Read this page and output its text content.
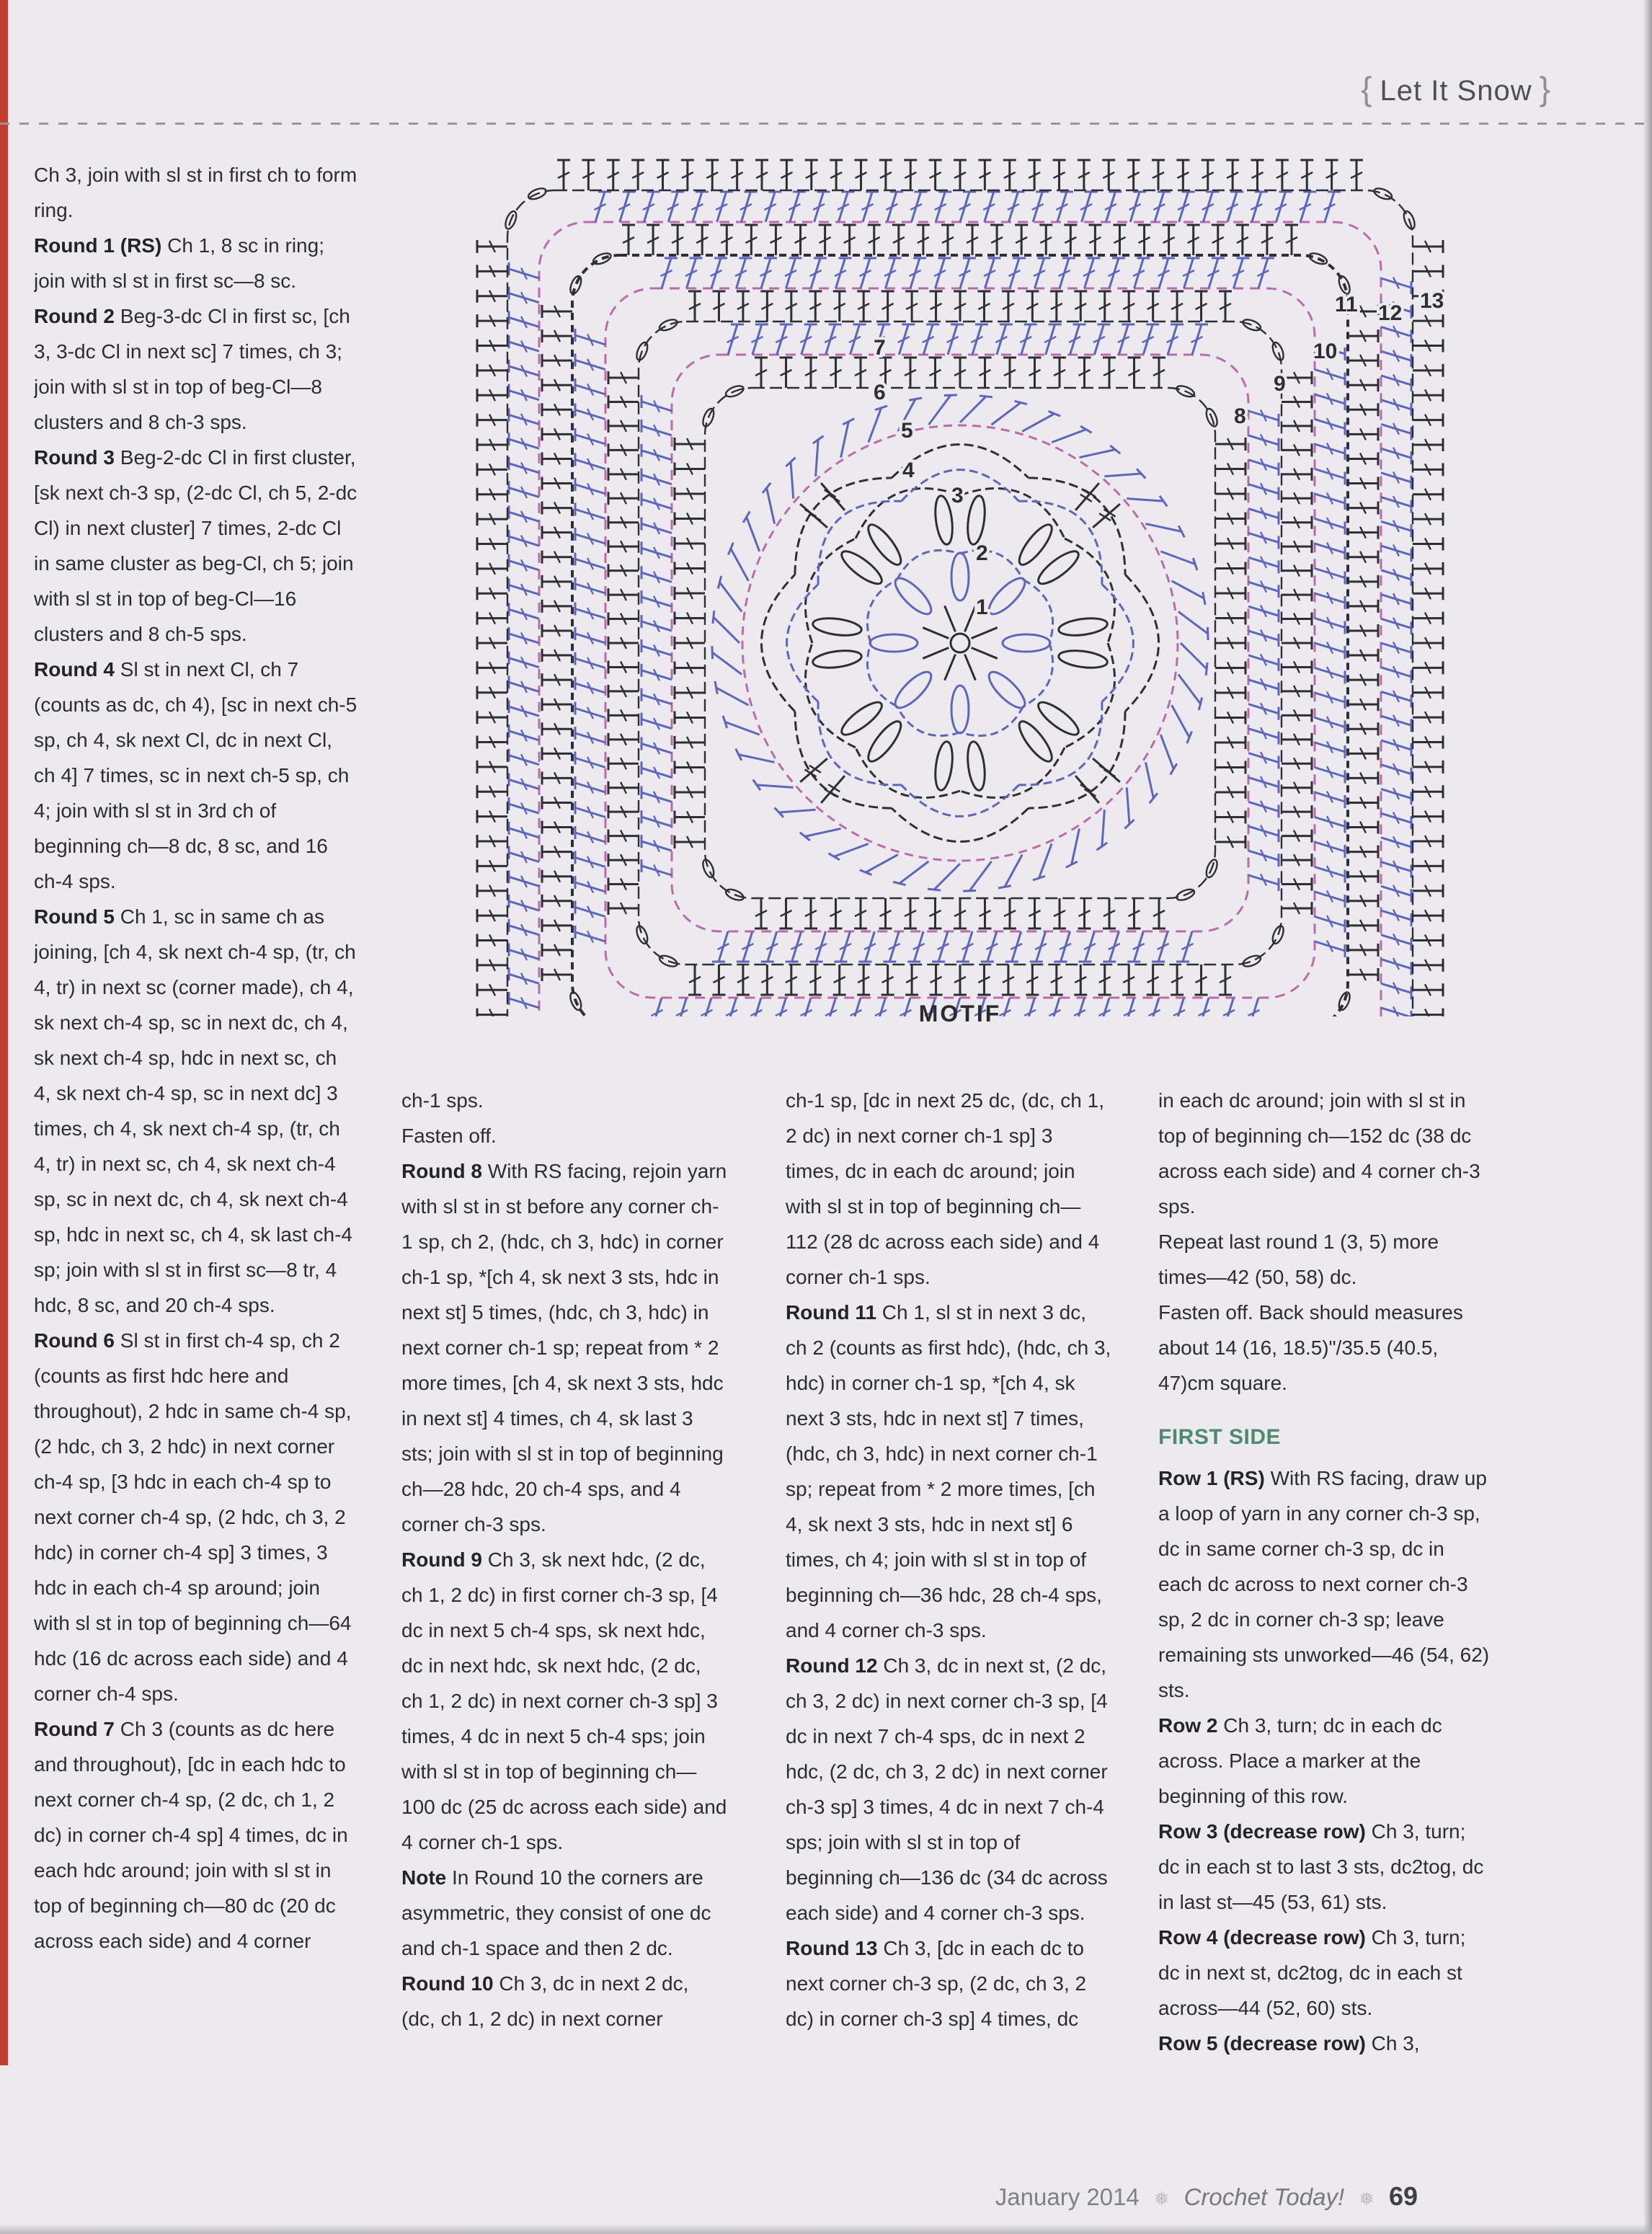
{ Let It Snow }
1
2
3
4
5
6
7
8
9
10
11 12
13
MOTIF

Ch 3, join with sl st in first ch to form ring.

Round 1 (RS) Ch 1, 8 sc in ring; join with sl st in first sc—8 sc.

Round 2 Beg-3-dc Cl in first sc, [ch 3, 3-dc Cl in next sc] 7 times, ch 3; join with sl st in top of beg-Cl—8 clusters and 8 ch-3 sps.

Round 3 Beg-2-dc Cl in first cluster, [sk next ch-3 sp, (2-dc Cl, ch 5, 2-dc Cl) in next cluster] 7 times, 2-dc Cl in same cluster as beg-Cl, ch 5; join with sl st in top of beg-Cl—16 clusters and 8 ch-5 sps.

Round 4 Sl st in next Cl, ch 7 (counts as dc, ch 4), [sc in next ch-5 sp, ch 4, sk next Cl, dc in next Cl, ch 4] 7 times, sc in next ch-5 sp, ch 4; join with sl st in 3rd ch of beginning ch—8 dc, 8 sc, and 16 ch-4 sps.

Round 5 Ch 1, sc in same ch as joining, [ch 4, sk next ch-4 sp, (tr, ch 4, tr) in next sc (corner made), ch 4, sk next ch-4 sp, sc in next dc, ch 4, sk next ch-4 sp, hdc in next sc, ch 4, sk next ch-4 sp, sc in next dc] 3 times, ch 4, sk next ch-4 sp, (tr, ch 4, tr) in next sc, ch 4, sk next ch-4 sp, sc in next dc, ch 4, sk next ch-4 sp, hdc in next sc, ch 4, sk last ch-4 sp; join with sl st in first sc—8 tr, 4 hdc, 8 sc, and 20 ch-4 sps.

Round 6 Sl st in first ch-4 sp, ch 2 (counts as first hdc here and throughout), 2 hdc in same ch-4 sp, (2 hdc, ch 3, 2 hdc) in next corner ch-4 sp, [3 hdc in each ch-4 sp to next corner ch-4 sp, (2 hdc, ch 3, 2 hdc) in corner ch-4 sp] 3 times, 3 hdc in each ch-4 sp around; join with sl st in top of beginning ch—64 hdc (16 dc across each side) and 4 corner ch-4 sps.

Round 7 Ch 3 (counts as dc here and throughout), [dc in each hdc to next corner ch-4 sp, (2 dc, ch 1, 2 dc) in corner ch-4 sp] 4 times, dc in each hdc around; join with sl st in top of beginning ch—80 dc (20 dc across each side) and 4 corner

ch-1 sps.

Fasten off.

Round 8 With RS facing, rejoin yarn with sl st in st before any corner ch-1 sp, ch 2, (hdc, ch 3, hdc) in corner ch-1 sp, *[ch 4, sk next 3 sts, hdc in next st] 5 times, (hdc, ch 3, hdc) in next corner ch-1 sp; repeat from * 2 more times, [ch 4, sk next 3 sts, hdc in next st] 4 times, ch 4, sk last 3 sts; join with sl st in top of beginning ch—28 hdc, 20 ch-4 sps, and 4 corner ch-3 sps.

Round 9 Ch 3, sk next hdc, (2 dc, ch 1, 2 dc) in first corner ch-3 sp, [4 dc in next 5 ch-4 sps, sk next hdc, dc in next hdc, sk next hdc, (2 dc, ch 1, 2 dc) in next corner ch-3 sp] 3 times, 4 dc in next 5 ch-4 sps; join with sl st in top of beginning ch—100 dc (25 dc across each side) and 4 corner ch-1 sps.

Note In Round 10 the corners are asymmetric, they consist of one dc and ch-1 space and then 2 dc.

Round 10 Ch 3, dc in next 2 dc, (dc, ch 1, 2 dc) in next corner

ch-1 sp, [dc in next 25 dc, (dc, ch 1, 2 dc) in next corner ch-1 sp] 3 times, dc in each dc around; join with sl st in top of beginning ch—112 (28 dc across each side) and 4 corner ch-1 sps.

Round 11 Ch 1, sl st in next 3 dc, ch 2 (counts as first hdc), (hdc, ch 3, hdc) in corner ch-1 sp, *[ch 4, sk next 3 sts, hdc in next st] 7 times, (hdc, ch 3, hdc) in next corner ch-1 sp; repeat from * 2 more times, [ch 4, sk next 3 sts, hdc in next st] 6 times, ch 4; join with sl st in top of beginning ch—36 hdc, 28 ch-4 sps, and 4 corner ch-3 sps.

Round 12 Ch 3, dc in next st, (2 dc, ch 3, 2 dc) in next corner ch-3 sp, [4 dc in next 7 ch-4 sps, dc in next 2 hdc, (2 dc, ch 3, 2 dc) in next corner ch-3 sp] 3 times, 4 dc in next 7 ch-4 sps; join with sl st in top of beginning ch—136 dc (34 dc across each side) and 4 corner ch-3 sps.

Round 13 Ch 3, [dc in each dc to next corner ch-3 sp, (2 dc, ch 3, 2 dc) in corner ch-3 sp] 4 times, dc

in each dc around; join with sl st in top of beginning ch—152 dc (38 dc across each side) and 4 corner ch-3 sps.

Repeat last round 1 (3, 5) more times—42 (50, 58) dc.

Fasten off. Back should measures about 14 (16, 18.5)"/35.5 (40.5, 47)cm square.

FIRST SIDE

Row 1 (RS) With RS facing, draw up a loop of yarn in any corner ch-3 sp, dc in same corner ch-3 sp, dc in each dc across to next corner ch-3 sp, 2 dc in corner ch-3 sp; leave remaining sts unworked—46 (54, 62) sts.

Row 2 Ch 3, turn; dc in each dc across. Place a marker at the beginning of this row.

Row 3 (decrease row) Ch 3, turn; dc in each st to last 3 sts, dc2tog, dc in last st—45 (53, 61) sts.

Row 4 (decrease row) Ch 3, turn; dc in next st, dc2tog, dc in each st across—44 (52, 60) sts.

Row 5 (decrease row) Ch 3,

January 2014 ❅ Crochet Today! ❅ 69
